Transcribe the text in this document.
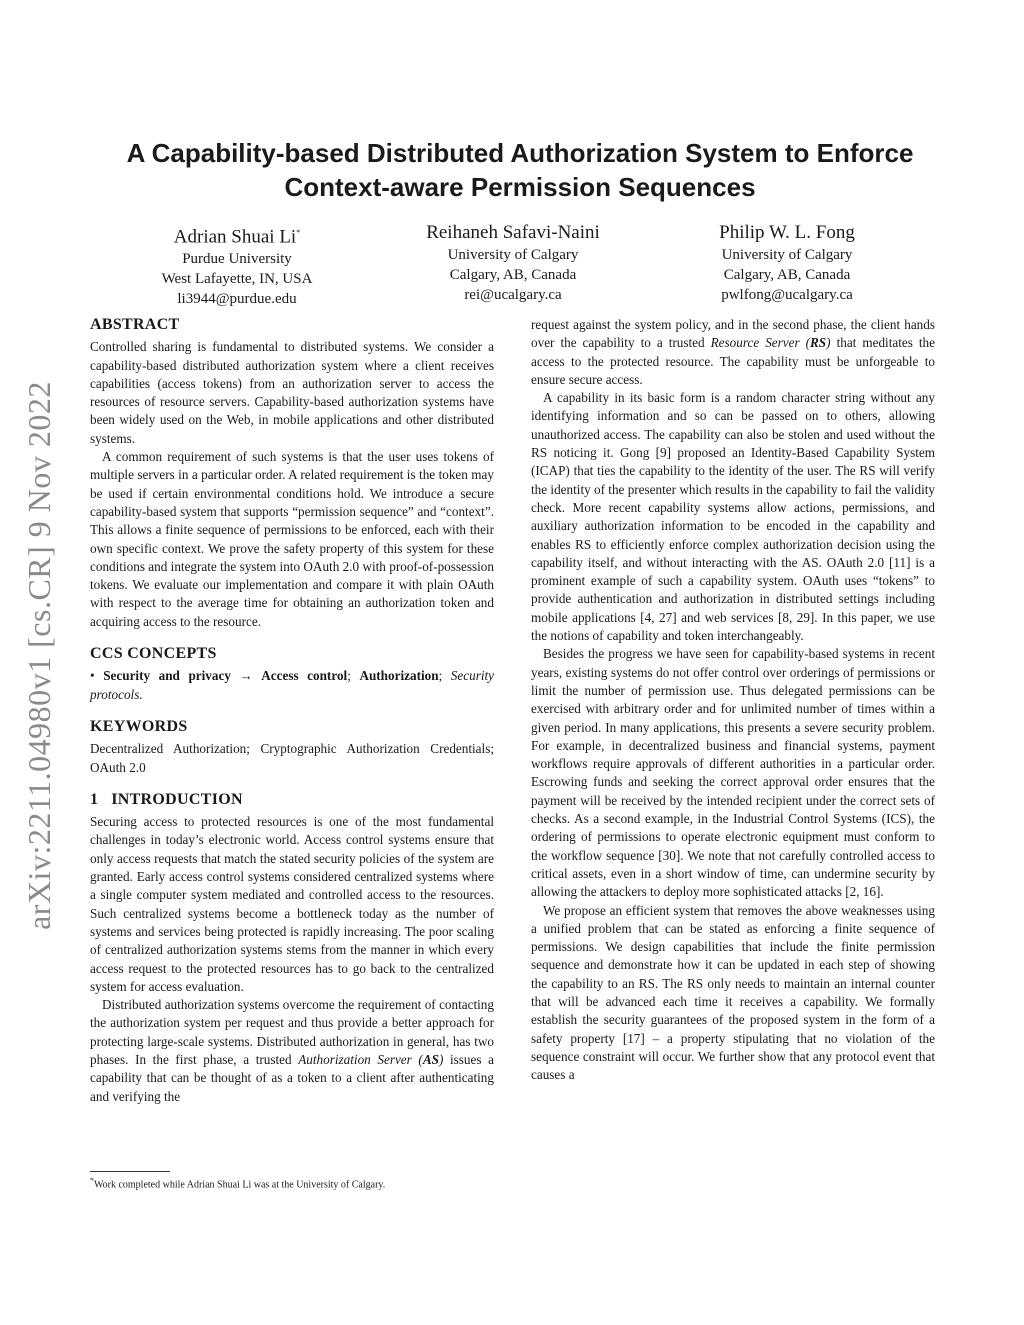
arXiv:2211.04980v1 [cs.CR] 9 Nov 2022
A Capability-based Distributed Authorization System to Enforce Context-aware Permission Sequences
Adrian Shuai Li*
Purdue University
West Lafayette, IN, USA
li3944@purdue.edu
Reihaneh Safavi-Naini
University of Calgary
Calgary, AB, Canada
rei@ucalgary.ca
Philip W. L. Fong
University of Calgary
Calgary, AB, Canada
pwlfong@ucalgary.ca
ABSTRACT

Controlled sharing is fundamental to distributed systems. We consider a capability-based distributed authorization system where a client receives capabilities (access tokens) from an authorization server to access the resources of resource servers. Capability-based authorization systems have been widely used on the Web, in mobile applications and other distributed systems.

A common requirement of such systems is that the user uses tokens of multiple servers in a particular order. A related requirement is the token may be used if certain environmental conditions hold. We introduce a secure capability-based system that supports “permission sequence” and “context”. This allows a finite sequence of permissions to be enforced, each with their own specific context. We prove the safety property of this system for these conditions and integrate the system into OAuth 2.0 with proof-of-possession tokens. We evaluate our implementation and compare it with plain OAuth with respect to the average time for obtaining an authorization token and acquiring access to the resource.

CCS CONCEPTS

• Security and privacy → Access control; Authorization; Security protocols.

KEYWORDS

Decentralized Authorization; Cryptographic Authorization Credentials; OAuth 2.0

1   INTRODUCTION

Securing access to protected resources is one of the most fundamental challenges in today’s electronic world. Access control systems ensure that only access requests that match the stated security policies of the system are granted. Early access control systems considered centralized systems where a single computer system mediated and controlled access to the resources. Such centralized systems become a bottleneck today as the number of systems and services being protected is rapidly increasing. The poor scaling of centralized authorization systems stems from the manner in which every access request to the protected resources has to go back to the centralized system for access evaluation.

Distributed authorization systems overcome the requirement of contacting the authorization system per request and thus provide a better approach for protecting large-scale systems. Distributed authorization in general, has two phases. In the first phase, a trusted Authorization Server (AS) issues a capability that can be thought of as a token to a client after authenticating and verifying the

request against the system policy, and in the second phase, the client hands over the capability to a trusted Resource Server (RS) that meditates the access to the protected resource. The capability must be unforgeable to ensure secure access.

A capability in its basic form is a random character string without any identifying information and so can be passed on to others, allowing unauthorized access. The capability can also be stolen and used without the RS noticing it. Gong [9] proposed an Identity-Based Capability System (ICAP) that ties the capability to the identity of the user. The RS will verify the identity of the presenter which results in the capability to fail the validity check. More recent capability systems allow actions, permissions, and auxiliary authorization information to be encoded in the capability and enables RS to efficiently enforce complex authorization decision using the capability itself, and without interacting with the AS. OAuth 2.0 [11] is a prominent example of such a capability system. OAuth uses “tokens” to provide authentication and authorization in distributed settings including mobile applications [4, 27] and web services [8, 29]. In this paper, we use the notions of capability and token interchangeably.

Besides the progress we have seen for capability-based systems in recent years, existing systems do not offer control over orderings of permissions or limit the number of permission use. Thus delegated permissions can be exercised with arbitrary order and for unlimited number of times within a given period. In many applications, this presents a severe security problem. For example, in decentralized business and financial systems, payment workflows require approvals of different authorities in a particular order. Escrowing funds and seeking the correct approval order ensures that the payment will be received by the intended recipient under the correct sets of checks. As a second example, in the Industrial Control Systems (ICS), the ordering of permissions to operate electronic equipment must conform to the workflow sequence [30]. We note that not carefully controlled access to critical assets, even in a short window of time, can undermine security by allowing the attackers to deploy more sophisticated attacks [2, 16].

We propose an efficient system that removes the above weaknesses using a unified problem that can be stated as enforcing a finite sequence of permissions. We design capabilities that include the finite permission sequence and demonstrate how it can be updated in each step of showing the capability to an RS. The RS only needs to maintain an internal counter that will be advanced each time it receives a capability. We formally establish the security guarantees of the proposed system in the form of a safety property [17] – a property stipulating that no violation of the sequence constraint will occur. We further show that any protocol event that causes a

*Work completed while Adrian Shuai Li was at the University of Calgary.
